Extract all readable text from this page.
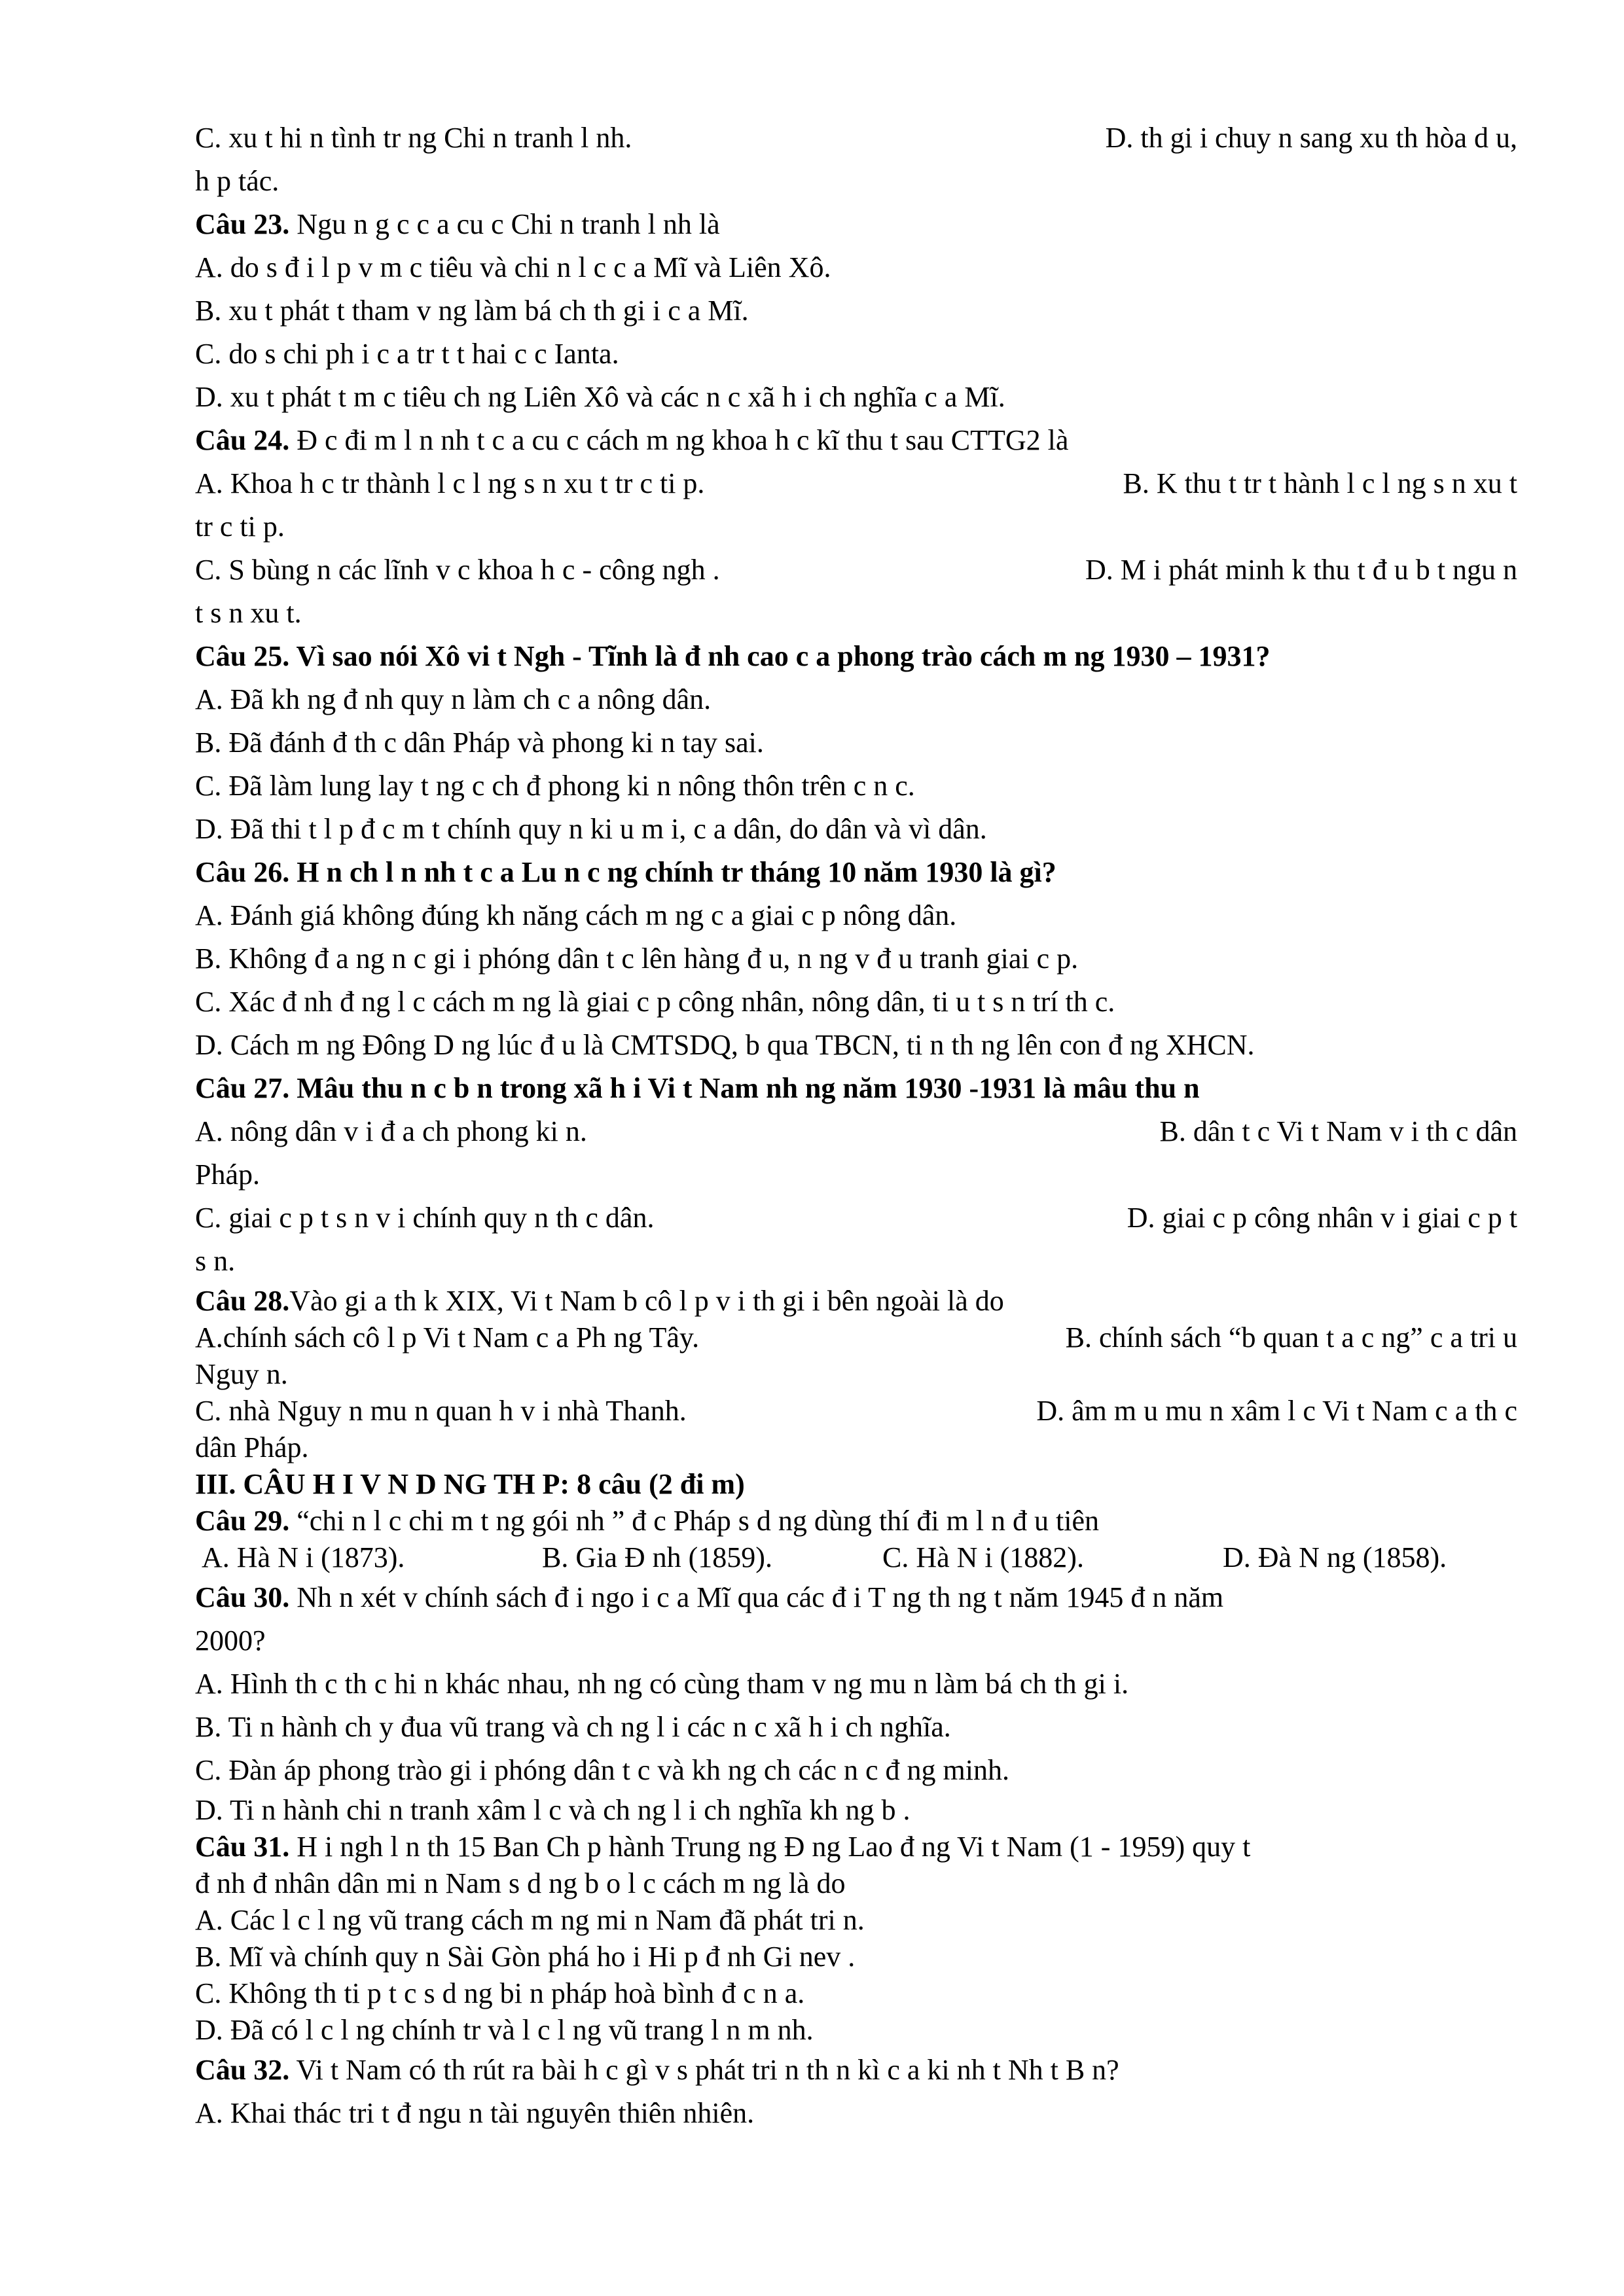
C. xu t hi n tình tr ng Chi n tranh l nh.	D. th gi i chuy n sang xu th hòa d u,

h p tác.

Câu 23. Ngu n g c c a cu c Chi n tranh l nh là

A. do s đ i l p v m c tiêu và chi n l c c a Mĩ và Liên Xô.

B. xu t phát t tham v ng làm bá ch th gi i c a Mĩ.

C. do s chi ph i c a tr t t hai c c Ianta.

D. xu t phát t m c tiêu ch ng Liên Xô và các n c xã h i ch nghĩa c a Mĩ.

Câu 24. Đ c đi m l n nh t c a cu c cách m ng khoa h c kĩ thu t sau CTTG2 là

A. Khoa h c tr thành l c l ng s n xu t tr c ti p.	B. K thu t tr t hành l c l ng s n xu t

tr c ti p.

C. S bùng n các lĩnh v c khoa h c - công ngh .	D. M i phát minh k thu t đ u b t ngu n

t s n xu t.

Câu 25. Vì sao nói Xô vi t Ngh - Tĩnh là đ nh cao c a phong trào cách m ng 1930 – 1931?

A. Đã kh ng đ nh quy n làm ch c a nông dân.

B. Đã đánh đ th c dân Pháp và phong ki n tay sai.

C. Đã làm lung lay t ng c ch đ phong ki n nông thôn trên c n c.

D. Đã thi t l p đ c m t chính quy n ki u m i, c a dân, do dân và vì dân.

Câu 26. H n ch l n nh t c a Lu n c ng chính tr tháng 10 năm 1930 là gì?

A. Đánh giá không đúng kh năng cách m ng c a giai c p nông dân.

B. Không đ a ng n c gi i phóng dân t c lên hàng đ u, n ng v đ u tranh giai c p.

C. Xác đ nh đ ng l c cách m ng là giai c p công nhân, nông dân, ti u t s n trí th c.

D. Cách m ng Đông D ng lúc đ u là CMTSDQ, b qua TBCN, ti n th ng lên con đ ng XHCN.

Câu 27. Mâu thu n c b n trong xã h i Vi t Nam nh ng năm 1930 -1931 là mâu thu n

A. nông dân v i đ a ch phong ki n.	B. dân t c Vi t Nam v i th c dân

Pháp.

C. giai c p t s n v i chính quy n th c dân.	D. giai c p công nhân v i giai c p t

s n.

Câu 28.Vào gi a th k XIX, Vi t Nam b cô l p v i th gi i bên ngoài là do

A.chính sách cô l p Vi t Nam c a Ph ng Tây.	B. chính sách “b quan t a c ng” c a tri u

Nguy n.

C. nhà Nguy n mu n quan h v i nhà Thanh.	D. âm m u mu n xâm l c Vi t Nam c a th c

dân Pháp.

III. CÂU H I V N D NG TH P: 8 câu (2 đi m)

Câu 29. “chi n l c chi m t ng gói nh ” đ c Pháp s d ng dùng thí đi m l n đ u tiên

A. Hà N i (1873).	B. Gia Đ nh (1859).	C. Hà N i (1882).	D. Đà N ng (1858).

Câu 30. Nh n xét v chính sách đ i ngo i c a Mĩ qua các đ i T ng th ng t năm 1945 đ n năm

2000?

A. Hình th c th c hi n khác nhau, nh ng có cùng tham v ng mu n làm bá ch th gi i.

B. Ti n hành ch y đua vũ trang và ch ng l i các n c xã h i ch nghĩa.

C. Đàn áp phong trào gi i phóng dân t c và kh ng ch các n c đ ng minh.

D. Ti n hành chi n tranh xâm l c và ch ng l i ch nghĩa kh ng b .

Câu 31. H i ngh l n th 15 Ban Ch p hành Trung ng Đ ng Lao đ ng Vi t Nam (1 - 1959) quy t

đ nh đ nhân dân mi n Nam s d ng b o l c cách m ng là do

A. Các l c l ng vũ trang cách m ng mi n Nam đã phát tri n.

B. Mĩ và chính quy n Sài Gòn phá ho i Hi p đ nh Gi nev .

C. Không th ti p t c s d ng bi n pháp hoà bình đ c n a.

D. Đã có l c l ng chính tr và l c l ng vũ trang l n m nh.

Câu 32. Vi t Nam có th rút ra bài h c gì v s phát tri n th n kì c a ki nh t Nh t B n?

A. Khai thác tri t đ ngu n tài nguyên thiên nhiên.
